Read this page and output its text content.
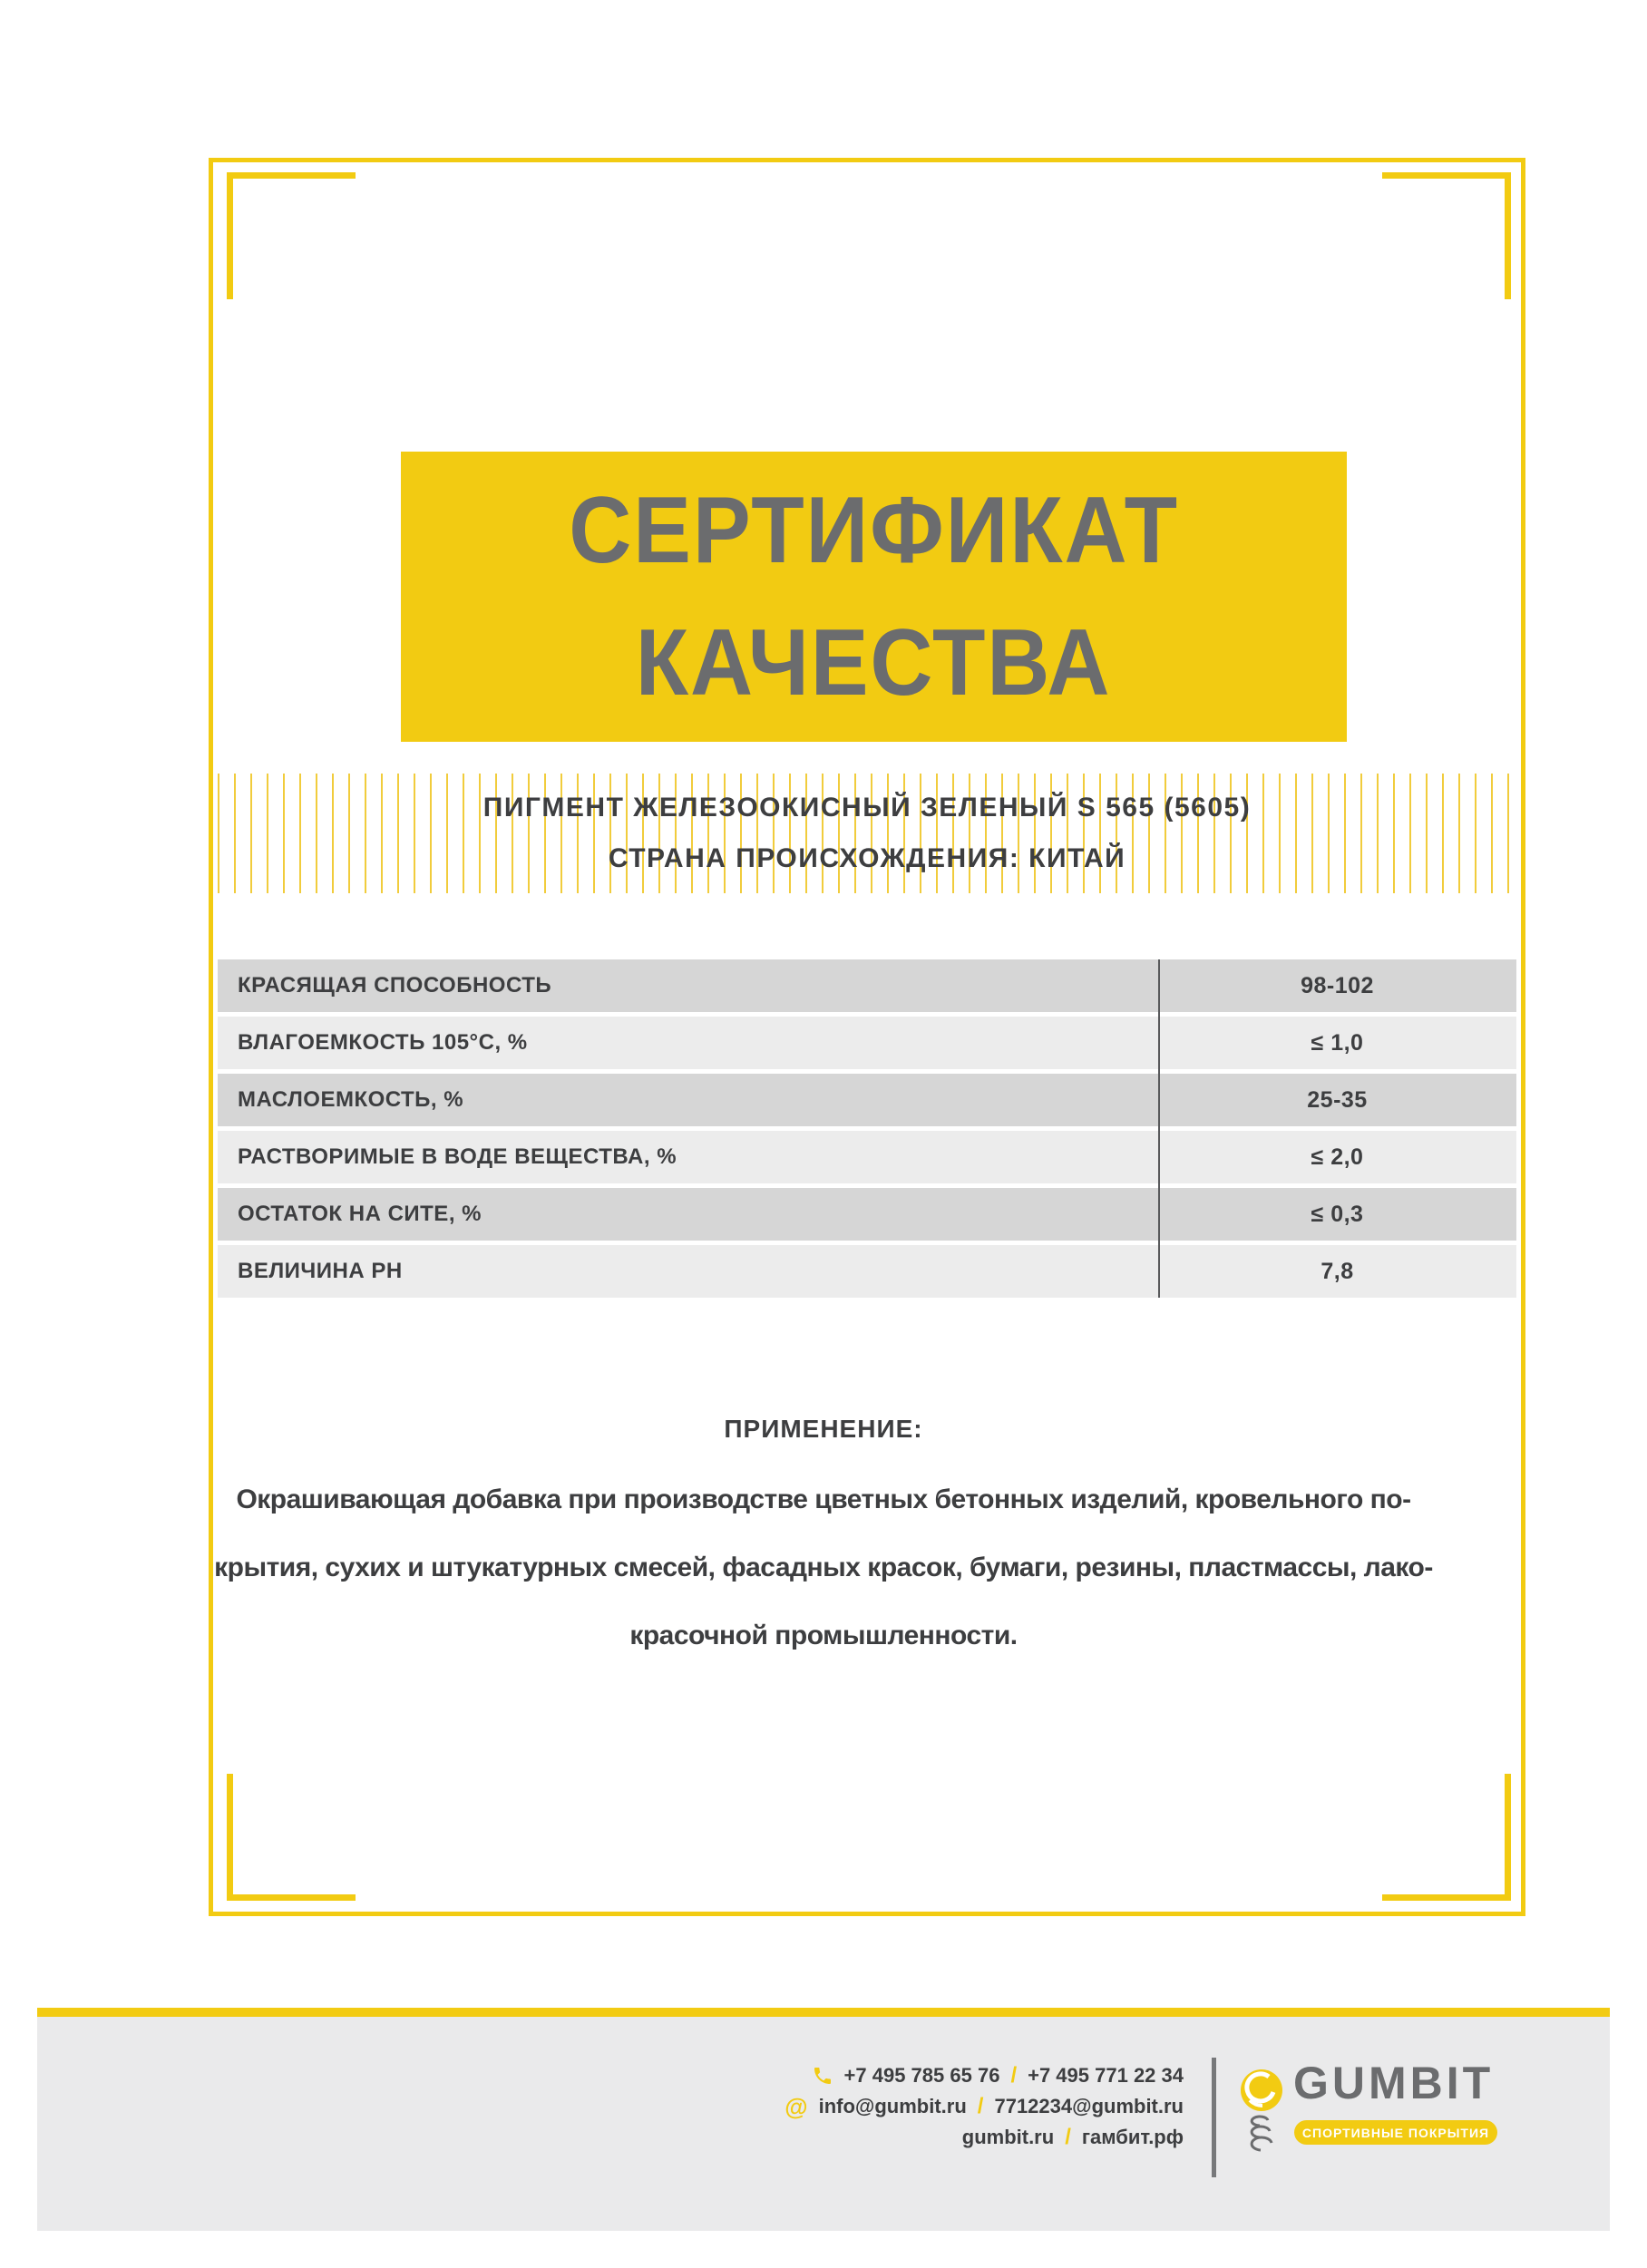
СЕРТИФИКАТ
КАЧЕСТВА
ПИГМЕНТ ЖЕЛЕЗООКИСНЫЙ ЗЕЛЕНЫЙ S 565 (5605)
СТРАНА ПРОИСХОЖДЕНИЯ: КИТАЙ
КРАСЯЩАЯ СПОСОБНОСТЬ	98-102
ВЛАГОЕМКОСТЬ 105°С, %	≤ 1,0
МАСЛОЕМКОСТЬ, %	25-35
РАСТВОРИМЫЕ В ВОДЕ ВЕЩЕСТВА, %	≤ 2,0
ОСТАТОК НА СИТЕ, %	≤ 0,3
ВЕЛИЧИНА PH	7,8
ПРИМЕНЕНИЕ:
Окрашивающая добавка при производстве цветных бетонных изделий, кровельного по-
крытия, сухих и штукатурных смесей, фасадных красок, бумаги, резины, пластмассы, лако-
красочной промышленности.
+7 495 785 65 76 / +7 495 771 22 34
@ info@gumbit.ru / 7712234@gumbit.ru
gumbit.ru / гамбит.рф
GUMBIT
СПОРТИВНЫЕ ПОКРЫТИЯ
